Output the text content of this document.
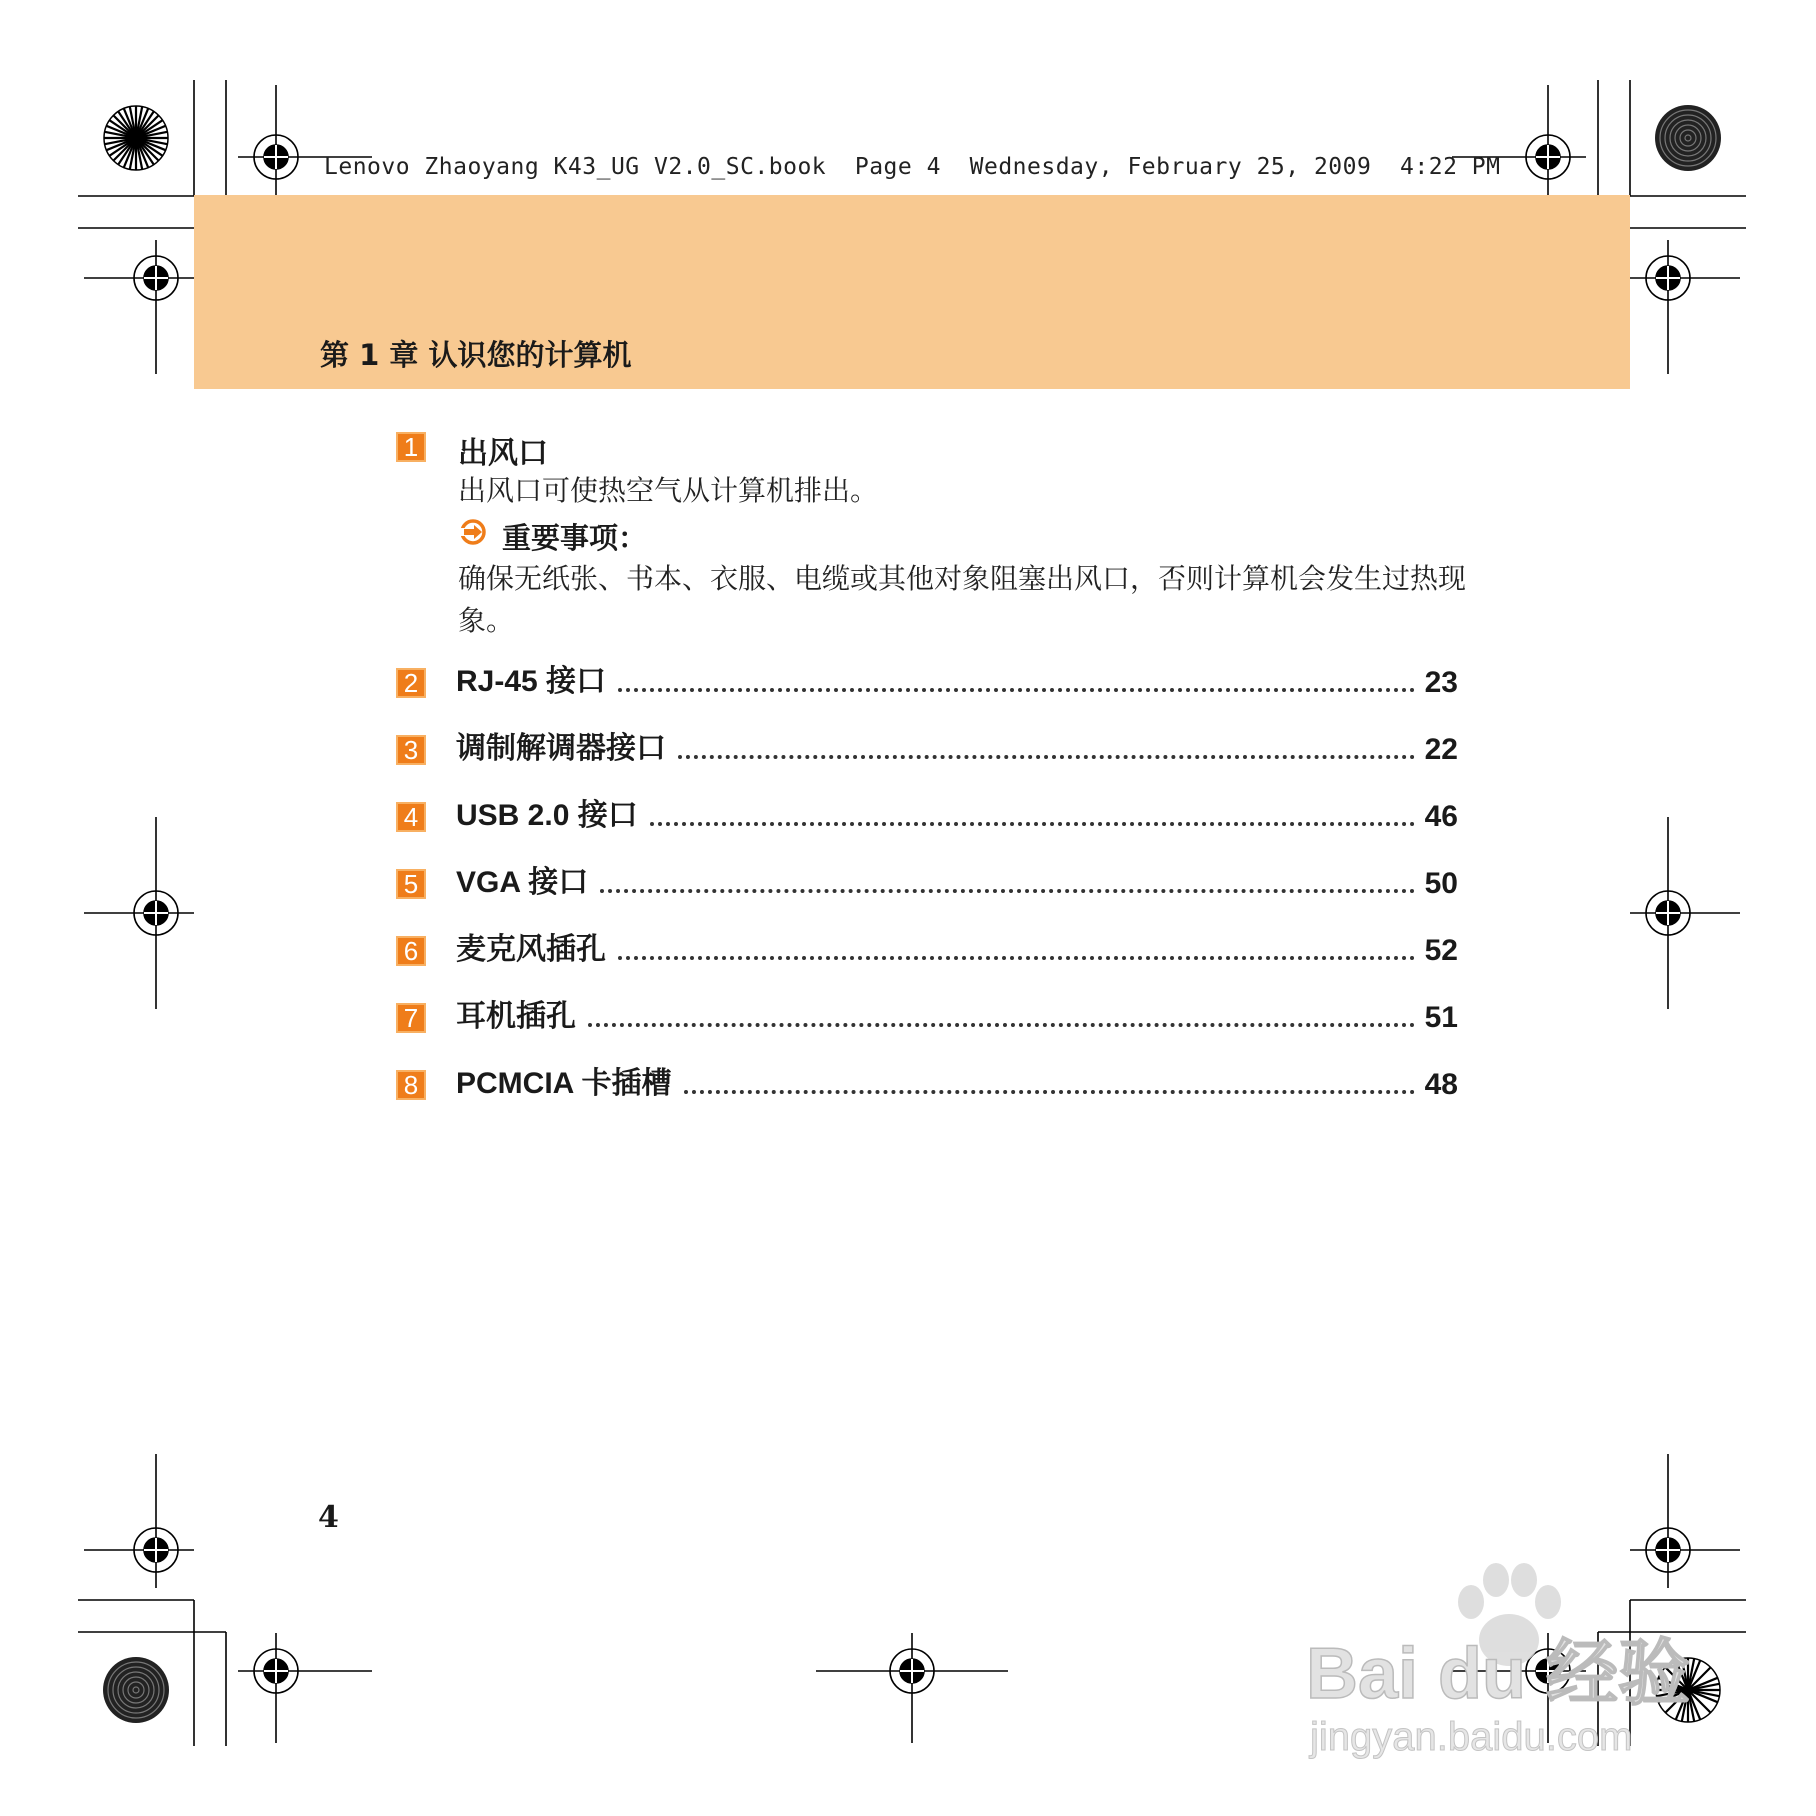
Lenovo Zhaoyang K43_UG V2.0_SC.book  Page 4  Wednesday, February 25, 2009  4:22 PM
第 1 章 认识您的计算机
1 出风口
出风口可使热空气从计算机排出。
重要事项：
确保无纸张、书本、衣服、电缆或其他对象阻塞出风口，否则计算机会发生过热现象。
2 RJ-45 接口	23
3 调制解调器接口	22
4 USB 2.0 接口	46
5 VGA 接口	50
6 麦克风插孔	52
7 耳机插孔	51
8 PCMCIA 卡插槽	48
4
Bai du 经验
jingyan.baidu.com
